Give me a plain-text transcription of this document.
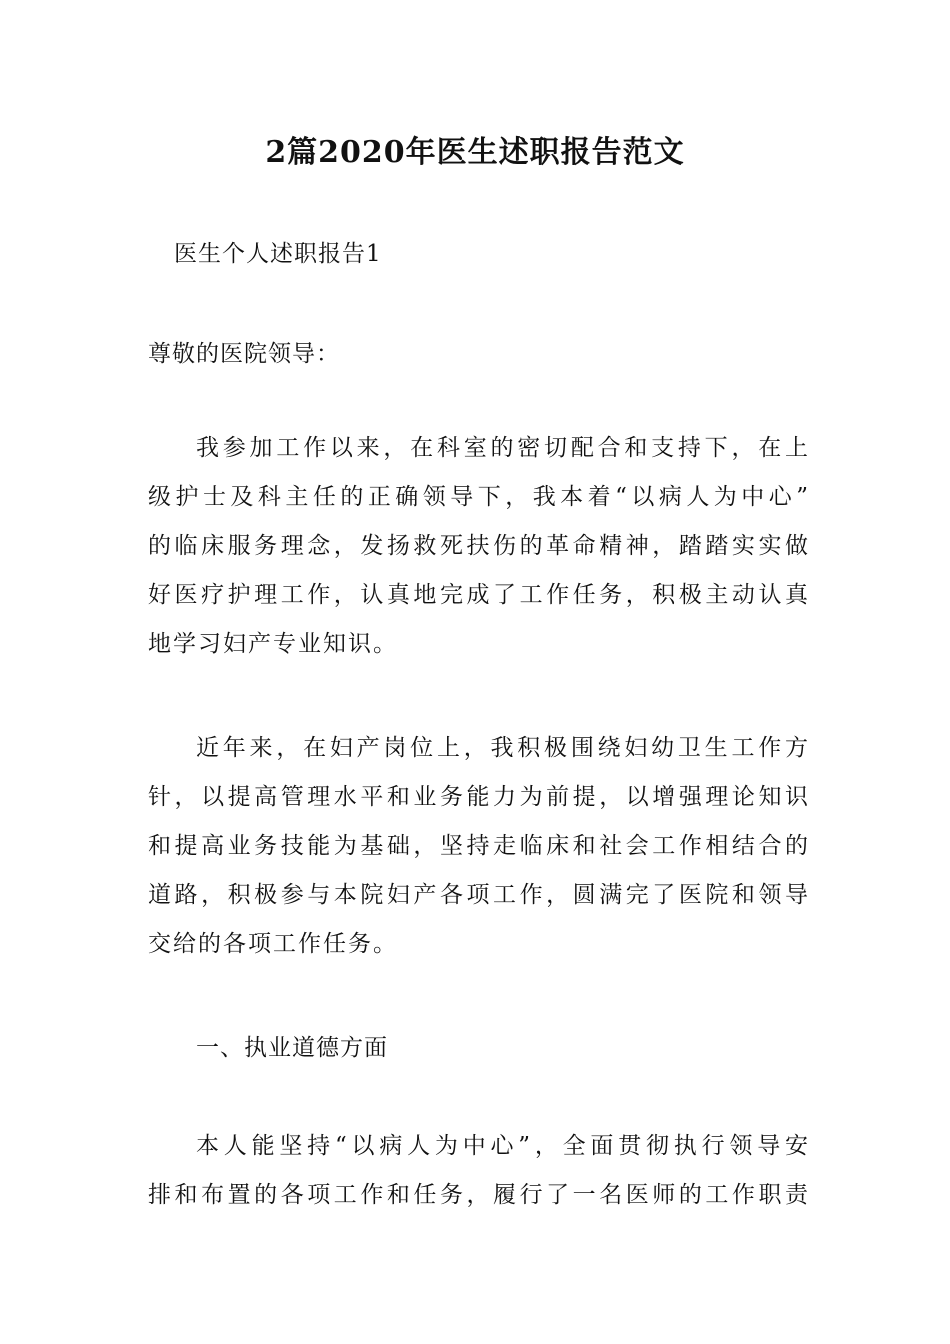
2篇2020年医生述职报告范文
医生个人述职报告1
尊敬的医院领导：
我参加工作以来，在科室的密切配合和支持下，在上
级护士及科主任的正确领导下，我本着“以病人为中心”
的临床服务理念，发扬救死扶伤的革命精神，踏踏实实做
好医疗护理工作，认真地完成了工作任务，积极主动认真
地学习妇产专业知识。
近年来，在妇产岗位上，我积极围绕妇幼卫生工作方
针，以提高管理水平和业务能力为前提，以增强理论知识
和提高业务技能为基础，坚持走临床和社会工作相结合的
道路，积极参与本院妇产各项工作，圆满完了医院和领导
交给的各项工作任务。
一、执业道德方面
本人能坚持“以病人为中心”，全面贯彻执行领导安
排和布置的各项工作和任务，履行了一名医师的工作职责
